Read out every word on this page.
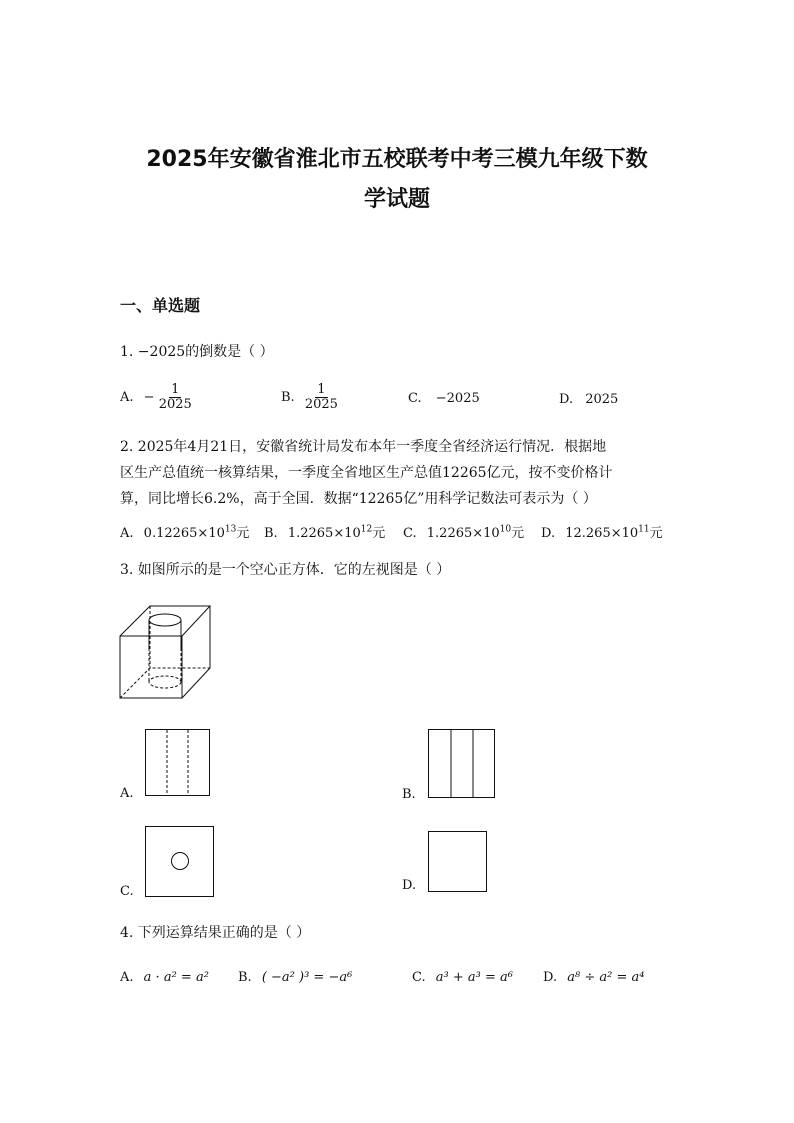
2025年安徽省淮北市五校联考中考三模九年级下数
学试题
一、单选题
1. −2025的倒数是（ ）
A. − $\frac{1}{2025}$	B. $\frac{1}{2025}$	C. −2025	D. 2025
2. 2025年4月21日，安徽省统计局发布本年一季度全省经济运行情况．根据地
区生产总值统一核算结果，一季度全省地区生产总值12265亿元，按不变价格计
算，同比增长6.2%，高于全国．数据“12265亿”用科学记数法可表示为（ ）
A. $0.12265\times 10^{13}$元 B. $1.2265\times 10^{12}$元 C. $1.2265\times 10^{10}$元 D. $12.265\times 10^{11}$元
3. 如图所示的是一个空心正方体．它的左视图是（ ）
A.	B.
C.	D.
4. 下列运算结果正确的是（ ）
A. a · a² = a² B. ( −a² )³ = −a⁶	C. a³ + a³ = a⁶ D. a⁸ ÷ a² = a⁴
